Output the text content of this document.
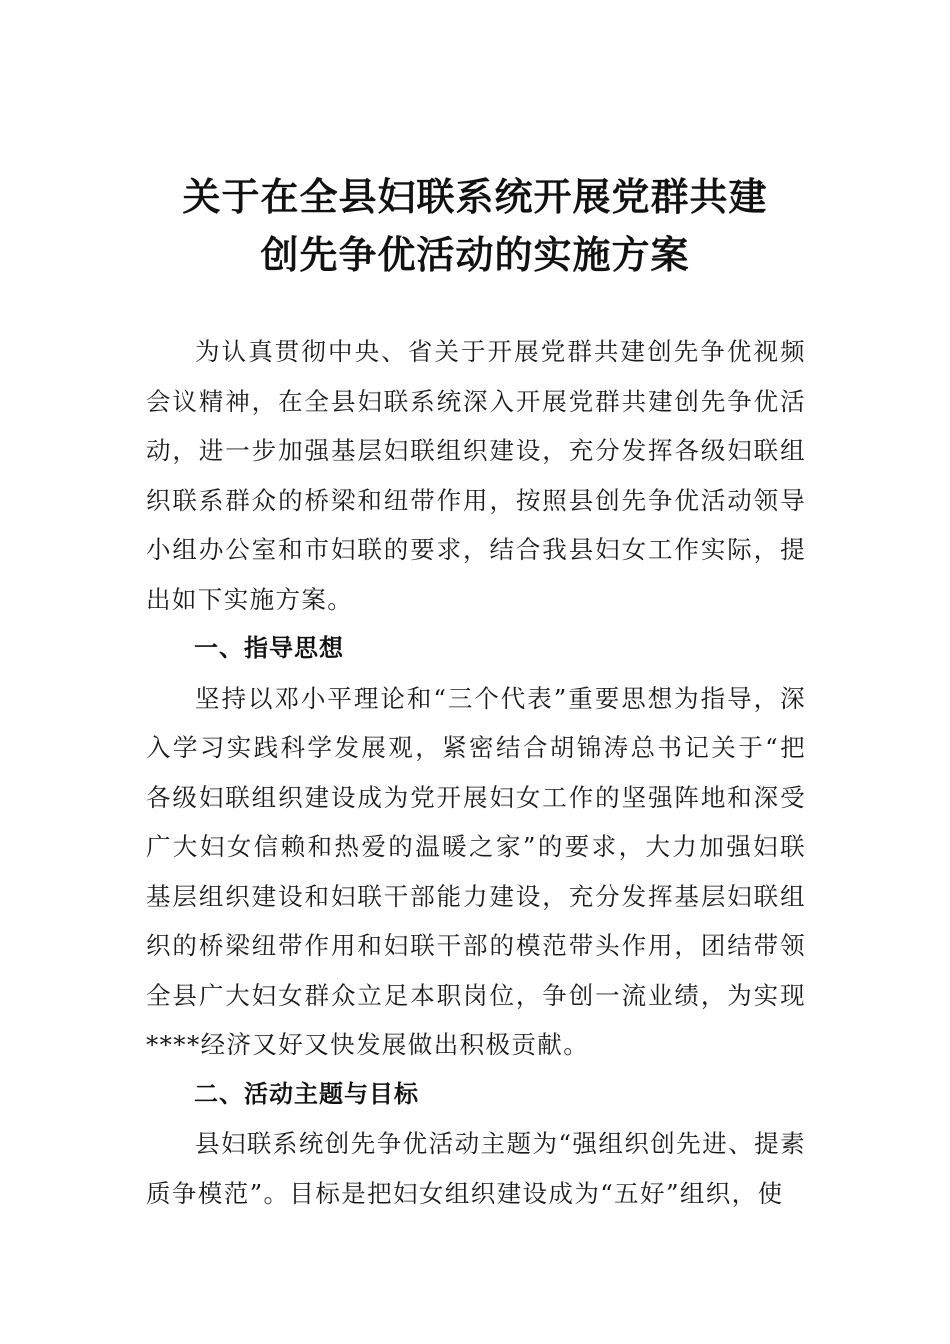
关于在全县妇联系统开展党群共建
创先争优活动的实施方案

为认真贯彻中央、省关于开展党群共建创先争优视频会议精神，在全县妇联系统深入开展党群共建创先争优活动，进一步加强基层妇联组织建设，充分发挥各级妇联组织联系群众的桥梁和纽带作用，按照县创先争优活动领导小组办公室和市妇联的要求，结合我县妇女工作实际，提出如下实施方案。

一、指导思想

坚持以邓小平理论和“三个代表”重要思想为指导，深入学习实践科学发展观，紧密结合胡锦涛总书记关于“把各级妇联组织建设成为党开展妇女工作的坚强阵地和深受广大妇女信赖和热爱的温暖之家”的要求，大力加强妇联基层组织建设和妇联干部能力建设，充分发挥基层妇联组织的桥梁纽带作用和妇联干部的模范带头作用，团结带领全县广大妇女群众立足本职岗位，争创一流业绩，为实现****经济又好又快发展做出积极贡献。

二、活动主题与目标

县妇联系统创先争优活动主题为“强组织创先进、提素质争模范”。目标是把妇女组织建设成为“五好”组织，使
